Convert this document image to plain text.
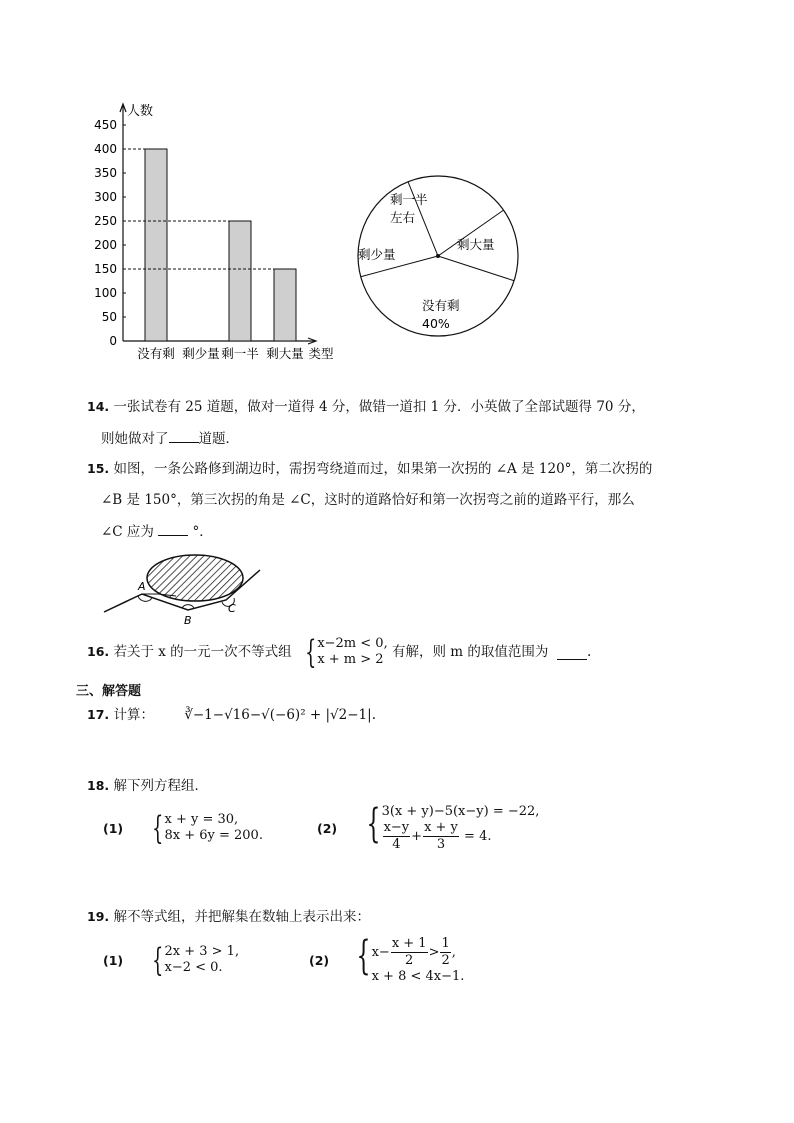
人数
0
50
100
150
200
250
300
350
400
450
没有剩 剩少量 剩一半 剩大量 类型
剩一半
左右
剩大量
没有剩
40%
剩少量
14. 一张试卷有 25 道题，做对一道得 4 分，做错一道扣 1 分．小英做了全部试题得 70 分，
则她做对了 道题．
15. 如图，一条公路修到湖边时，需拐弯绕道而过，如果第一次拐的 ∠A 是 120°，第二次拐的
∠B 是 150°，第三次拐的角是 ∠C，这时的道路恰好和第一次拐弯之前的道路平行，那么
∠C 应为	°．
A
B
C
16.
若关于 x 的一元一次不等式组
{ x−2m < 0,
x + m > 2
有解，则 m 的取值范围为
	.
三、解答题
17. 计算： ∛−1−√16−√(−6)² + |√2−1|.
18. 解下列方程组．
(1) { x + y = 30,
8x + 6y = 200.	(2) { 3(x + y)−5(x−y) = −22,
$\frac{x-y}{4} + \frac{x + y}{3} = 4$.
19. 解不等式组，并把解集在数轴上表示出来：
(1) { 2x + 3 > 1,
x−2 < 0.	(2) { $x- \frac{x + 1}{2} > \frac{1}{2}$ ,
x + 8 < 4x−1.
